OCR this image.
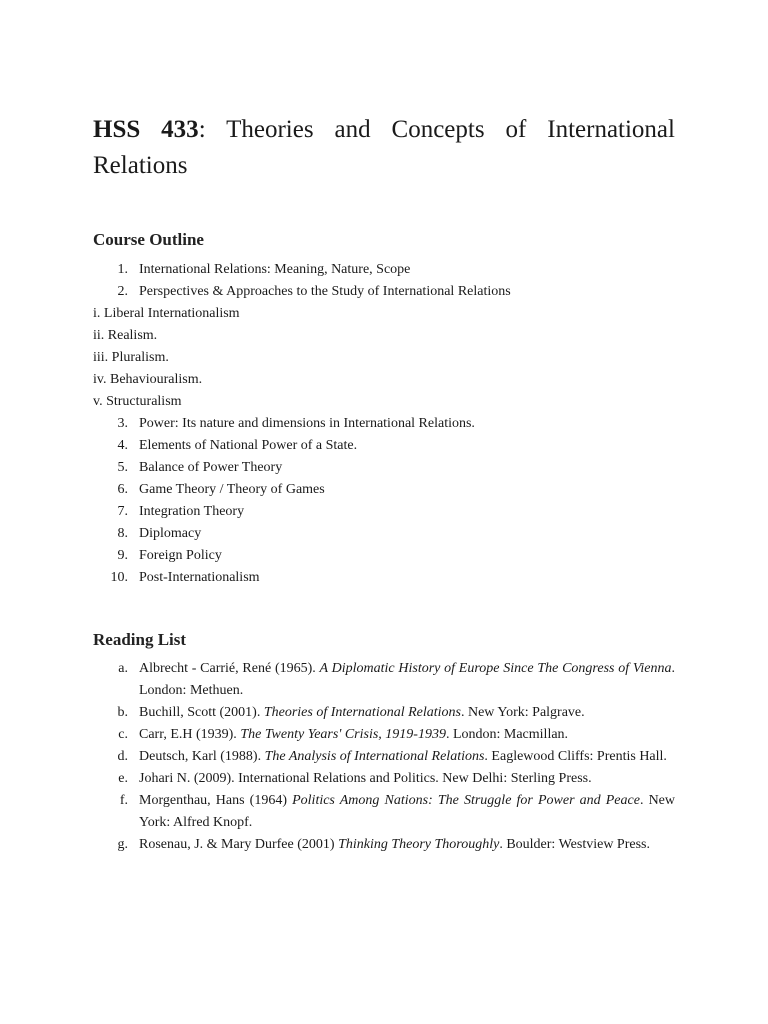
HSS 433: Theories and Concepts of International Relations
Course Outline
1. International Relations: Meaning, Nature, Scope
2. Perspectives & Approaches to the Study of International Relations
i. Liberal Internationalism
ii. Realism.
iii. Pluralism.
iv. Behaviouralism.
v. Structuralism
3. Power: Its nature and dimensions in International Relations.
4. Elements of National Power of a State.
5. Balance of Power Theory
6. Game Theory / Theory of Games
7. Integration Theory
8. Diplomacy
9. Foreign Policy
10. Post-Internationalism
Reading List
a. Albrecht - Carrié, René (1965). A Diplomatic History of Europe Since The Congress of Vienna. London: Methuen.
b. Buchill, Scott (2001). Theories of International Relations. New York: Palgrave.
c. Carr, E.H (1939). The Twenty Years' Crisis, 1919-1939. London: Macmillan.
d. Deutsch, Karl (1988). The Analysis of International Relations. Eaglewood Cliffs: Prentis Hall.
e. Johari N. (2009). International Relations and Politics. New Delhi: Sterling Press.
f. Morgenthau, Hans (1964) Politics Among Nations: The Struggle for Power and Peace. New York: Alfred Knopf.
g. Rosenau, J. & Mary Durfee (2001) Thinking Theory Thoroughly. Boulder: Westview Press.
